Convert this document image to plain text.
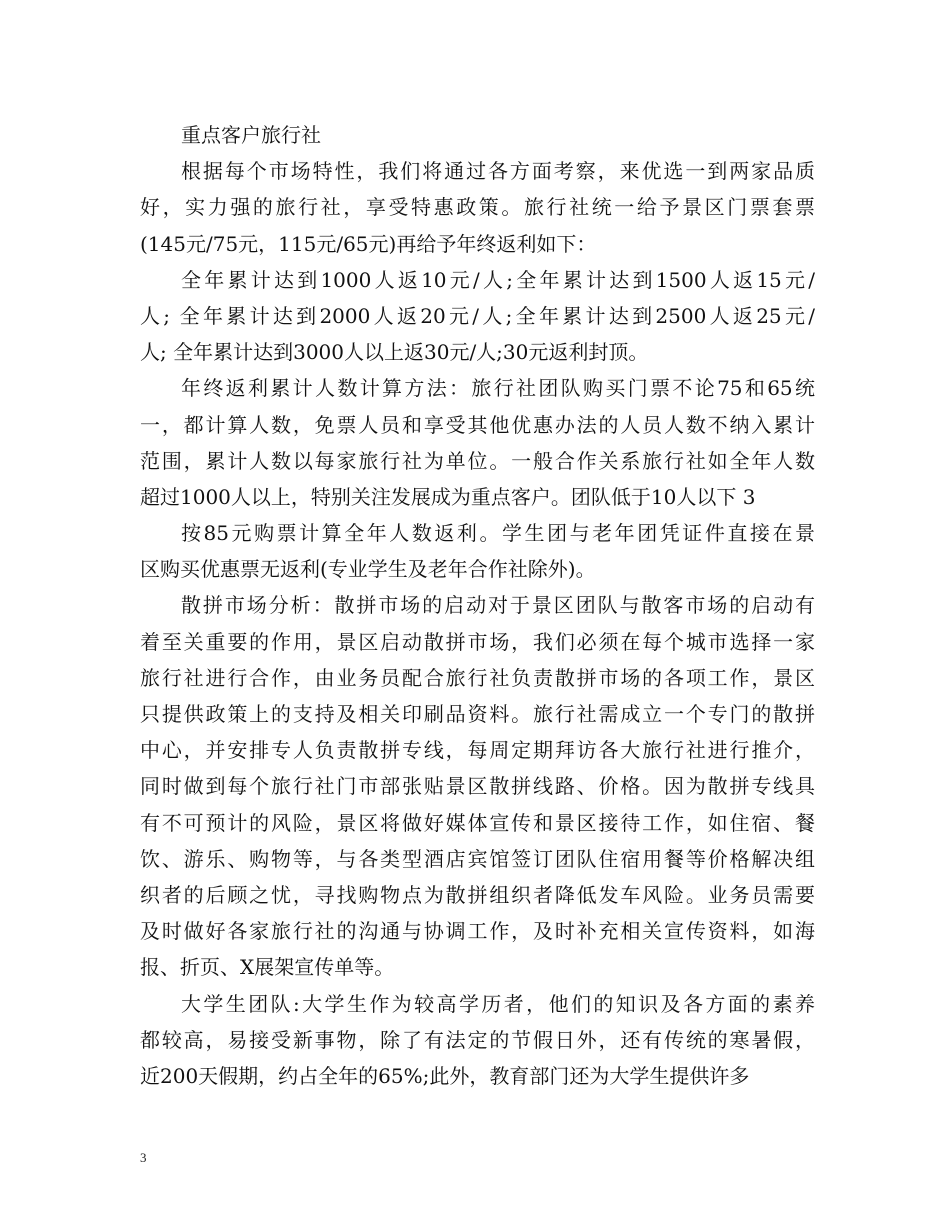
重点客户旅行社
根据每个市场特性，我们将通过各方面考察，来优选一到两家品质
好，实力强的旅行社，享受特惠政策。旅行社统一给予景区门票套票
(145元/75元，115元/65元)再给予年终返利如下：
全年累计达到1000人返10元/人;全年累计达到1500人返15元/
人; 全年累计达到2000人返20元/人;全年累计达到2500人返25元/
人; 全年累计达到3000人以上返30元/人;30元返利封顶。
年终返利累计人数计算方法：旅行社团队购买门票不论75和65统
一，都计算人数，免票人员和享受其他优惠办法的人员人数不纳入累计
范围，累计人数以每家旅行社为单位。一般合作关系旅行社如全年人数
超过1000人以上，特别关注发展成为重点客户。团队低于10人以下 3
按85元购票计算全年人数返利。学生团与老年团凭证件直接在景
区购买优惠票无返利(专业学生及老年合作社除外)。
散拼市场分析：散拼市场的启动对于景区团队与散客市场的启动有
着至关重要的作用，景区启动散拼市场，我们必须在每个城市选择一家
旅行社进行合作，由业务员配合旅行社负责散拼市场的各项工作，景区
只提供政策上的支持及相关印刷品资料。旅行社需成立一个专门的散拼
中心，并安排专人负责散拼专线，每周定期拜访各大旅行社进行推介，
同时做到每个旅行社门市部张贴景区散拼线路、价格。因为散拼专线具
有不可预计的风险，景区将做好媒体宣传和景区接待工作，如住宿、餐
饮、游乐、购物等，与各类型酒店宾馆签订团队住宿用餐等价格解决组
织者的后顾之忧，寻找购物点为散拼组织者降低发车风险。业务员需要
及时做好各家旅行社的沟通与协调工作，及时补充相关宣传资料，如海
报、折页、X展架宣传单等。
大学生团队:大学生作为较高学历者，他们的知识及各方面的素养
都较高，易接受新事物，除了有法定的节假日外，还有传统的寒暑假，
近200天假期，约占全年的65%;此外，教育部门还为大学生提供许多
3
